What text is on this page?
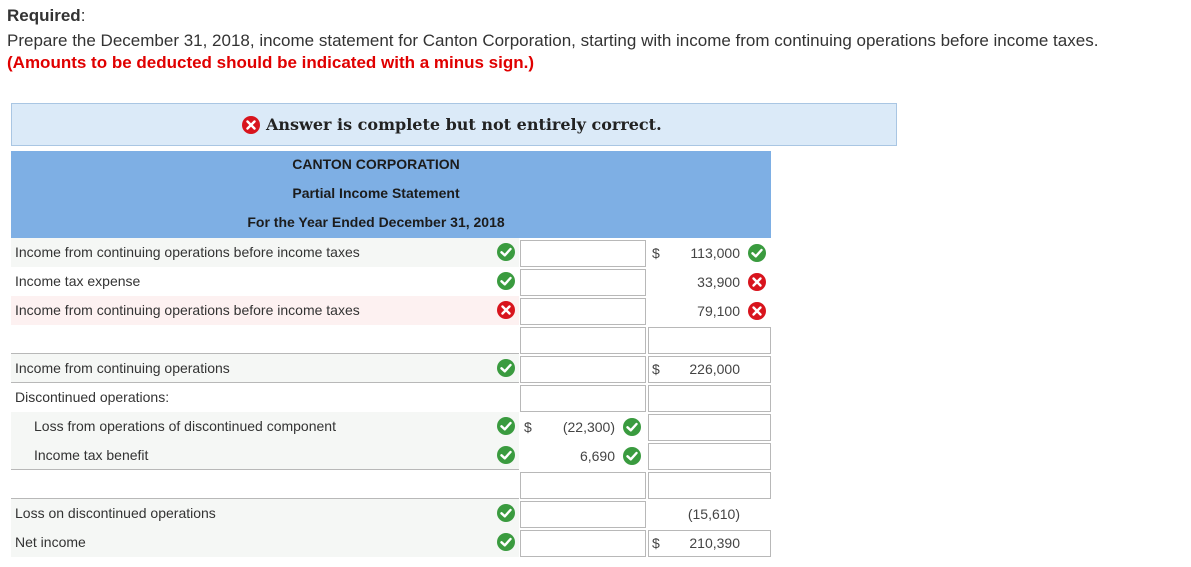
Required:
Prepare the December 31, 2018, income statement for Canton Corporation, starting with income from continuing operations before income taxes. (Amounts to be deducted should be indicated with a minus sign.)
Answer is complete but not entirely correct.
CANTON CORPORATION
Partial Income Statement
For the Year Ended December 31, 2018
Income from continuing operations before income taxes	$ 113,000
Income tax expense	33,900
Income from continuing operations before income taxes	79,100
Income from continuing operations	$ 226,000
Discontinued operations:
Loss from operations of discontinued component	$ (22,300)
Income tax benefit	6,690
Loss on discontinued operations	(15,610)
Net income	$ 210,390
